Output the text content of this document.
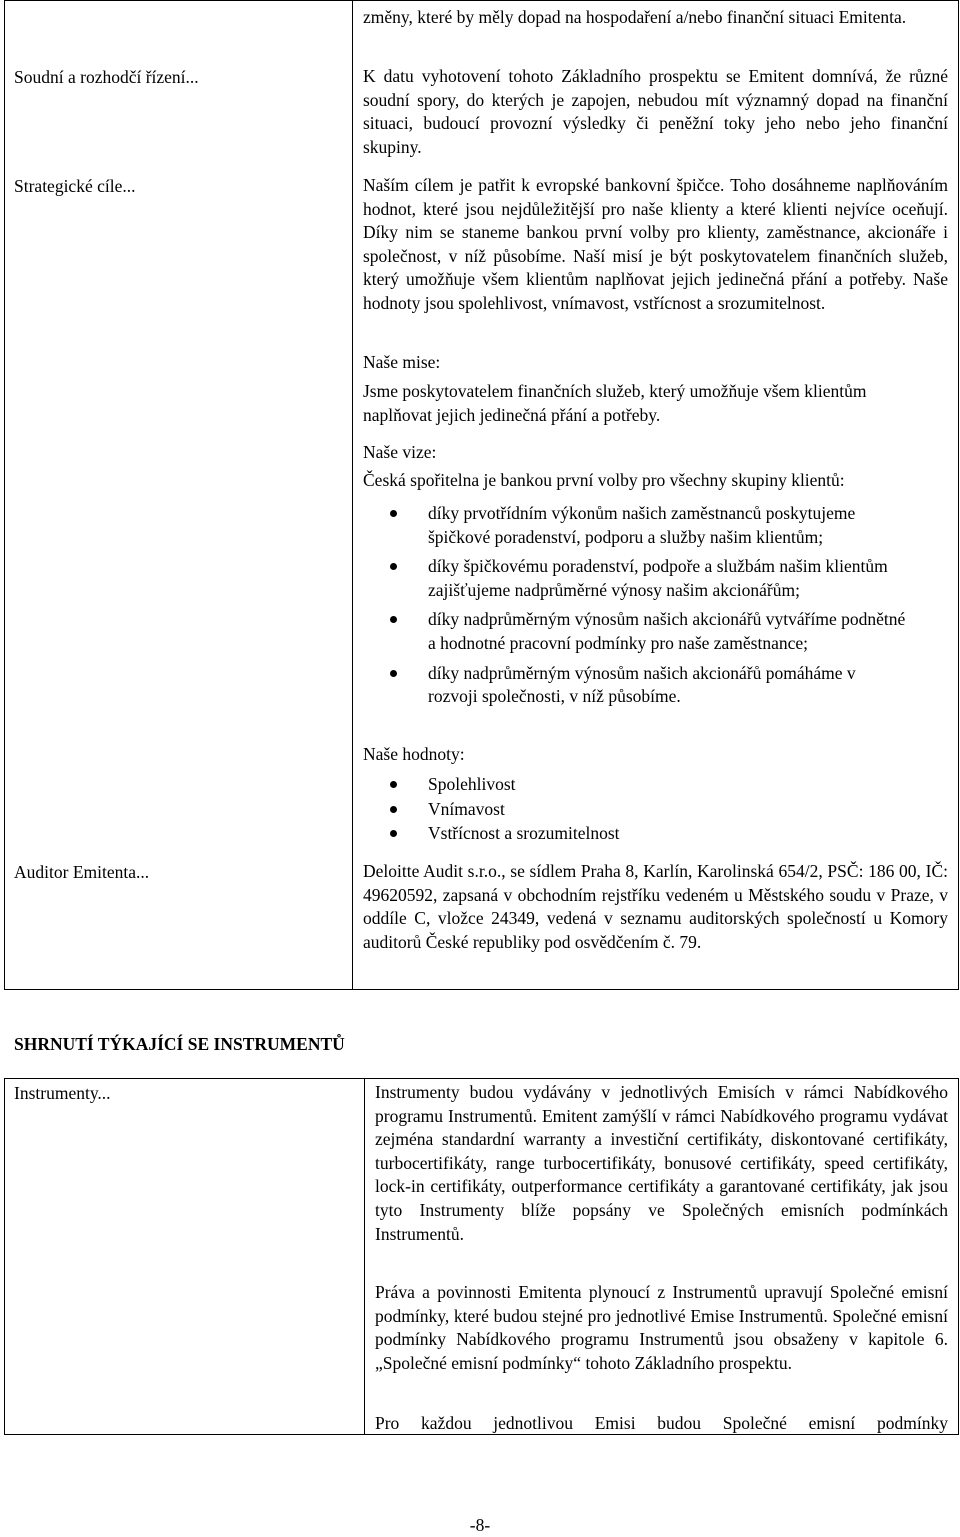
změny, které by měly dopad na hospodaření a/nebo finanční situaci Emitenta.
Soudní a rozhodčí řízení...	K datu vyhotovení tohoto Základního prospektu se Emitent domnívá, že různé soudní spory, do kterých je zapojen, nebudou mít významný dopad na finanční situaci, budoucí provozní výsledky či peněžní toky jeho nebo jeho finanční skupiny.
Strategické cíle...	Naším cílem je patřit k evropské bankovní špičce. Toho dosáhneme naplňováním hodnot, které jsou nejdůležitější pro naše klienty a které klienti nejvíce oceňují. Díky nim se staneme bankou první volby pro klienty, zaměstnance, akcionáře i společnost, v níž působíme. Naší misí je být poskytovatelem finančních služeb, který umožňuje všem klientům naplňovat jejich jedinečná přání a potřeby. Naše hodnoty jsou spolehlivost, vnímavost, vstřícnost a srozumitelnost.
Naše mise:
Jsme poskytovatelem finančních služeb, který umožňuje všem klientům naplňovat jejich jedinečná přání a potřeby.
Naše vize:
Česká spořitelna je bankou první volby pro všechny skupiny klientů:
díky prvotřídním výkonům našich zaměstnanců poskytujeme špičkové poradenství, podporu a služby našim klientům;
díky špičkovému poradenství, podpoře a službám našim klientům zajišťujeme nadprůměrné výnosy našim akcionářům;
díky nadprůměrným výnosům našich akcionářů vytváříme podnětné a hodnotné pracovní podmínky pro naše zaměstnance;
díky nadprůměrným výnosům našich akcionářů pomáháme v rozvoji společnosti, v níž působíme.
Naše hodnoty:
Spolehlivost
Vnímavost
Vstřícnost a srozumitelnost
Auditor Emitenta...	Deloitte Audit s.r.o., se sídlem Praha 8, Karlín, Karolinská 654/2, PSČ: 186 00, IČ: 49620592, zapsaná v obchodním rejstříku vedeném u Městského soudu v Praze, v oddíle C, vložce 24349, vedená v seznamu auditorských společností u Komory auditorů České republiky pod osvědčením č. 79.
SHRNUTÍ TÝKAJÍCÍ SE INSTRUMENTŮ
Instrumenty...	Instrumenty budou vydávány v jednotlivých Emisích v rámci Nabídkového programu Instrumentů. Emitent zamýšlí v rámci Nabídkového programu vydávat zejména standardní warranty a investiční certifikáty, diskontované certifikáty, turbocertifikáty, range turbocertifikáty, bonusové certifikáty, speed certifikáty, lock-in certifikáty, outperformance certifikáty a garantované certifikáty, jak jsou tyto Instrumenty blíže popsány ve Společných emisních podmínkách Instrumentů.
Práva a povinnosti Emitenta plynoucí z Instrumentů upravují Společné emisní podmínky, které budou stejné pro jednotlivé Emise Instrumentů. Společné emisní podmínky Nabídkového programu Instrumentů jsou obsaženy v kapitole 6. „Společné emisní podmínky“ tohoto Základního prospektu.
Pro každou jednotlivou Emisi budou Společné emisní podmínky
-8-
